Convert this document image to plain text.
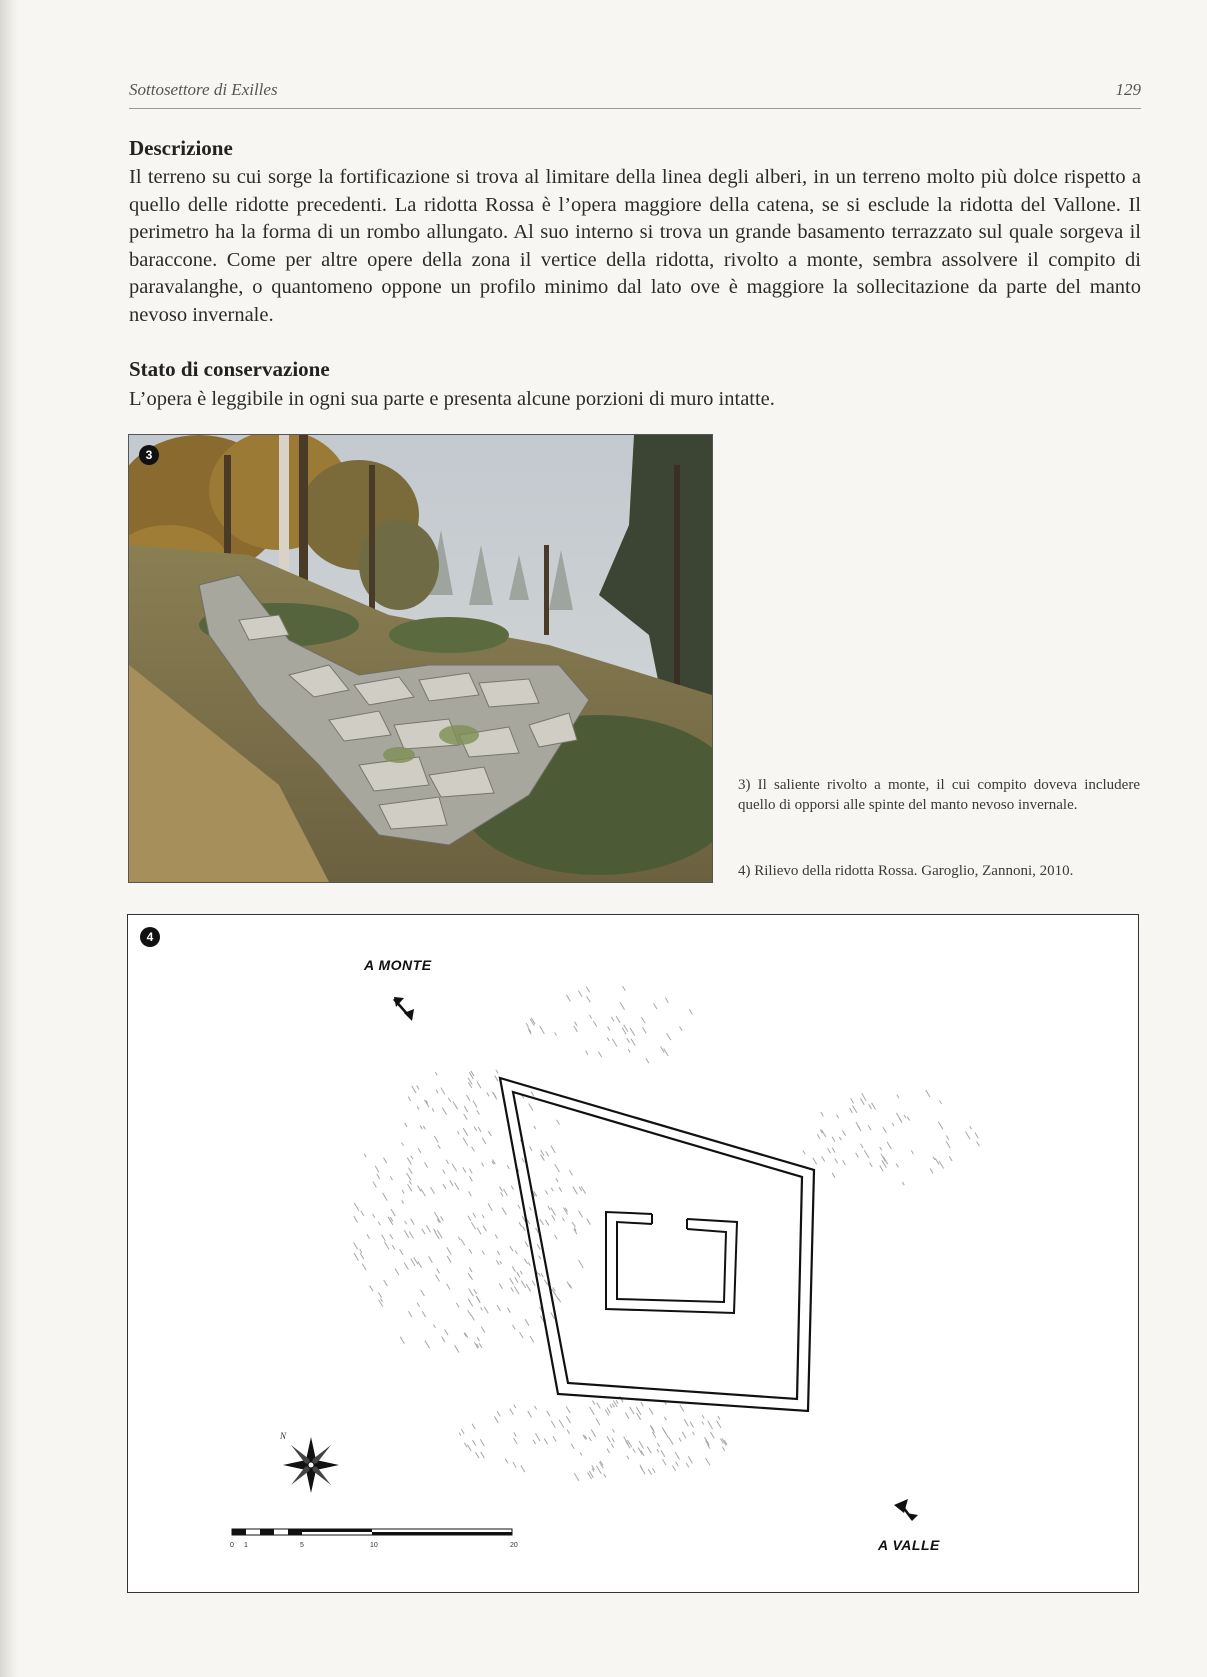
Sottosettore di Exilles	129
Descrizione

Il terreno su cui sorge la fortificazione si trova al limitare della linea degli alberi, in un terreno molto più dolce rispetto a quello delle ridotte precedenti. La ridotta Rossa è l’opera maggiore della catena, se si esclude la ridotta del Vallone. Il perimetro ha la forma di un rombo allungato. Al suo interno si trova un grande basamento terrazzato sul quale sorgeva il baraccone. Come per altre opere della zona il vertice della ridotta, rivolto a monte, sembra assolvere il compito di paravalanghe, o quantomeno oppone un profilo minimo dal lato ove è maggiore la sollecitazione da parte del manto nevoso invernale.

Stato di conservazione

L’opera è leggibile in ogni sua parte e presenta alcune porzioni di muro intatte.

3

3) Il saliente rivolto a monte, il cui compito doveva includere quello di opporsi alle spinte del manto nevoso invernale.

4) Rilievo della ridotta Rossa. Garoglio, Zannoni, 2010.

0 1	5	10	20
4
A MONTE
A VALLE
N
